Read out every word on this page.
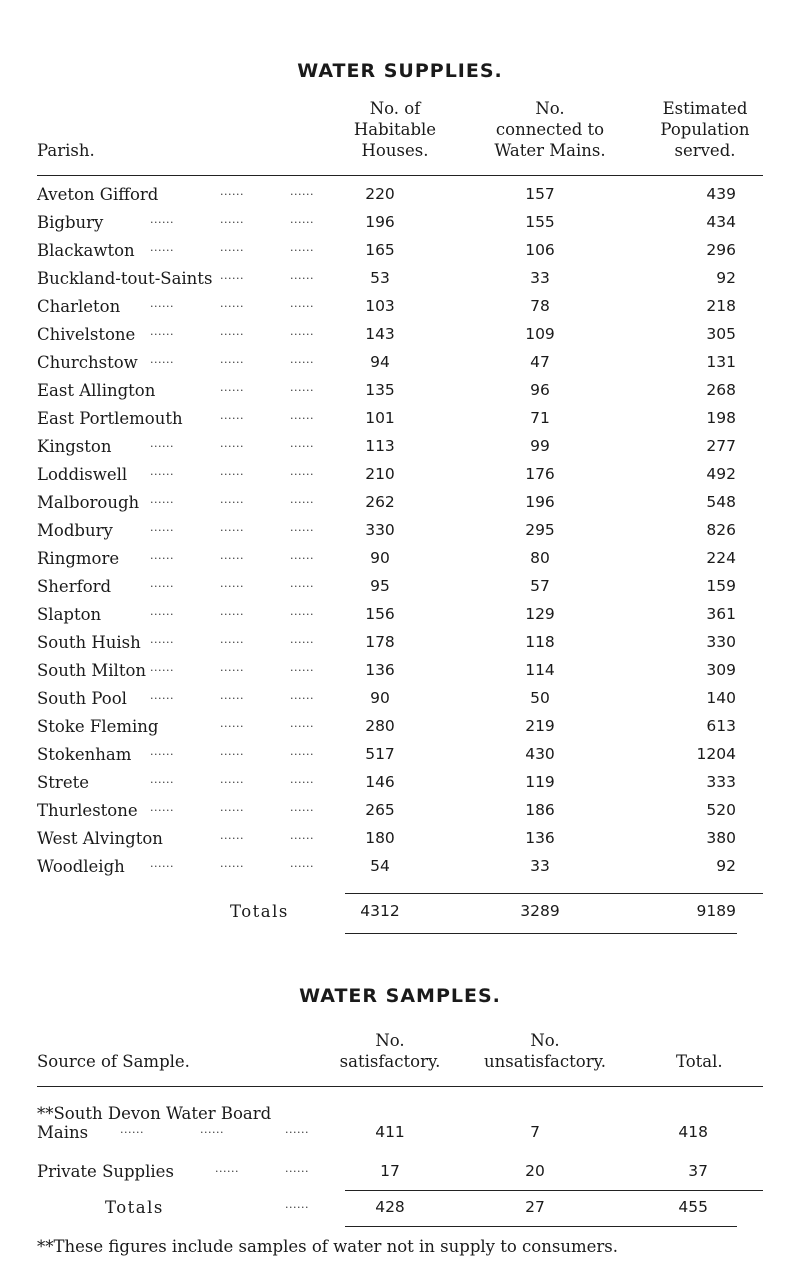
WATER SUPPLIES.
Parish.
No. of
Habitable
Houses.
No.
connected to
Water Mains.
Estimated
Population
served.
Aveton Gifford	......	......	220	157	439
Bigbury	......	......	......	196	155	434
Blackawton ......	......	......	165	106	296
Buckland-tout-Saints ......	......	53	33	92
Charleton	......	......	......	103	78	218
Chivelstone ......	......	......	143	109	305
Churchstow ......	......	......	94	47	131
East Allington	......	......	135	96	268
East Portlemouth	......	......	101	71	198
Kingston	......	......	......	113	99	277
Loddiswell ......	......	......	210	176	492
Malborough ......	......	......	262	196	548
Modbury	......	......	......	330	295	826
Ringmore	......	......	......	90	80	224
Sherford	......	......	......	95	57	159
Slapton	......	......	......	156	129	361
South Huish ......	......	......	178	118	330
South Milton ......	......	......	136	114	309
South Pool ......	......	......	90	50	140
Stoke Fleming	......	......	280	219	613
Stokenham ......	......	......	517	430	1204
Strete	......	......	......	146	119	333
Thurlestone ......	......	......	265	186	520
West Alvington	......	......	180	136	380
Woodleigh ......	......	......	54	33	92
Totals	4312	3289	9189
WATER SAMPLES.
Source of Sample.
No.
satisfactory.
No.
unsatisfactory.	Total.
**South Devon Water Board
Mains	......	......	......	411	7	418
Private Supplies	......	......	17	20	37
Totals	......	428	27	455
**These figures include samples of water not in supply to consumers.
